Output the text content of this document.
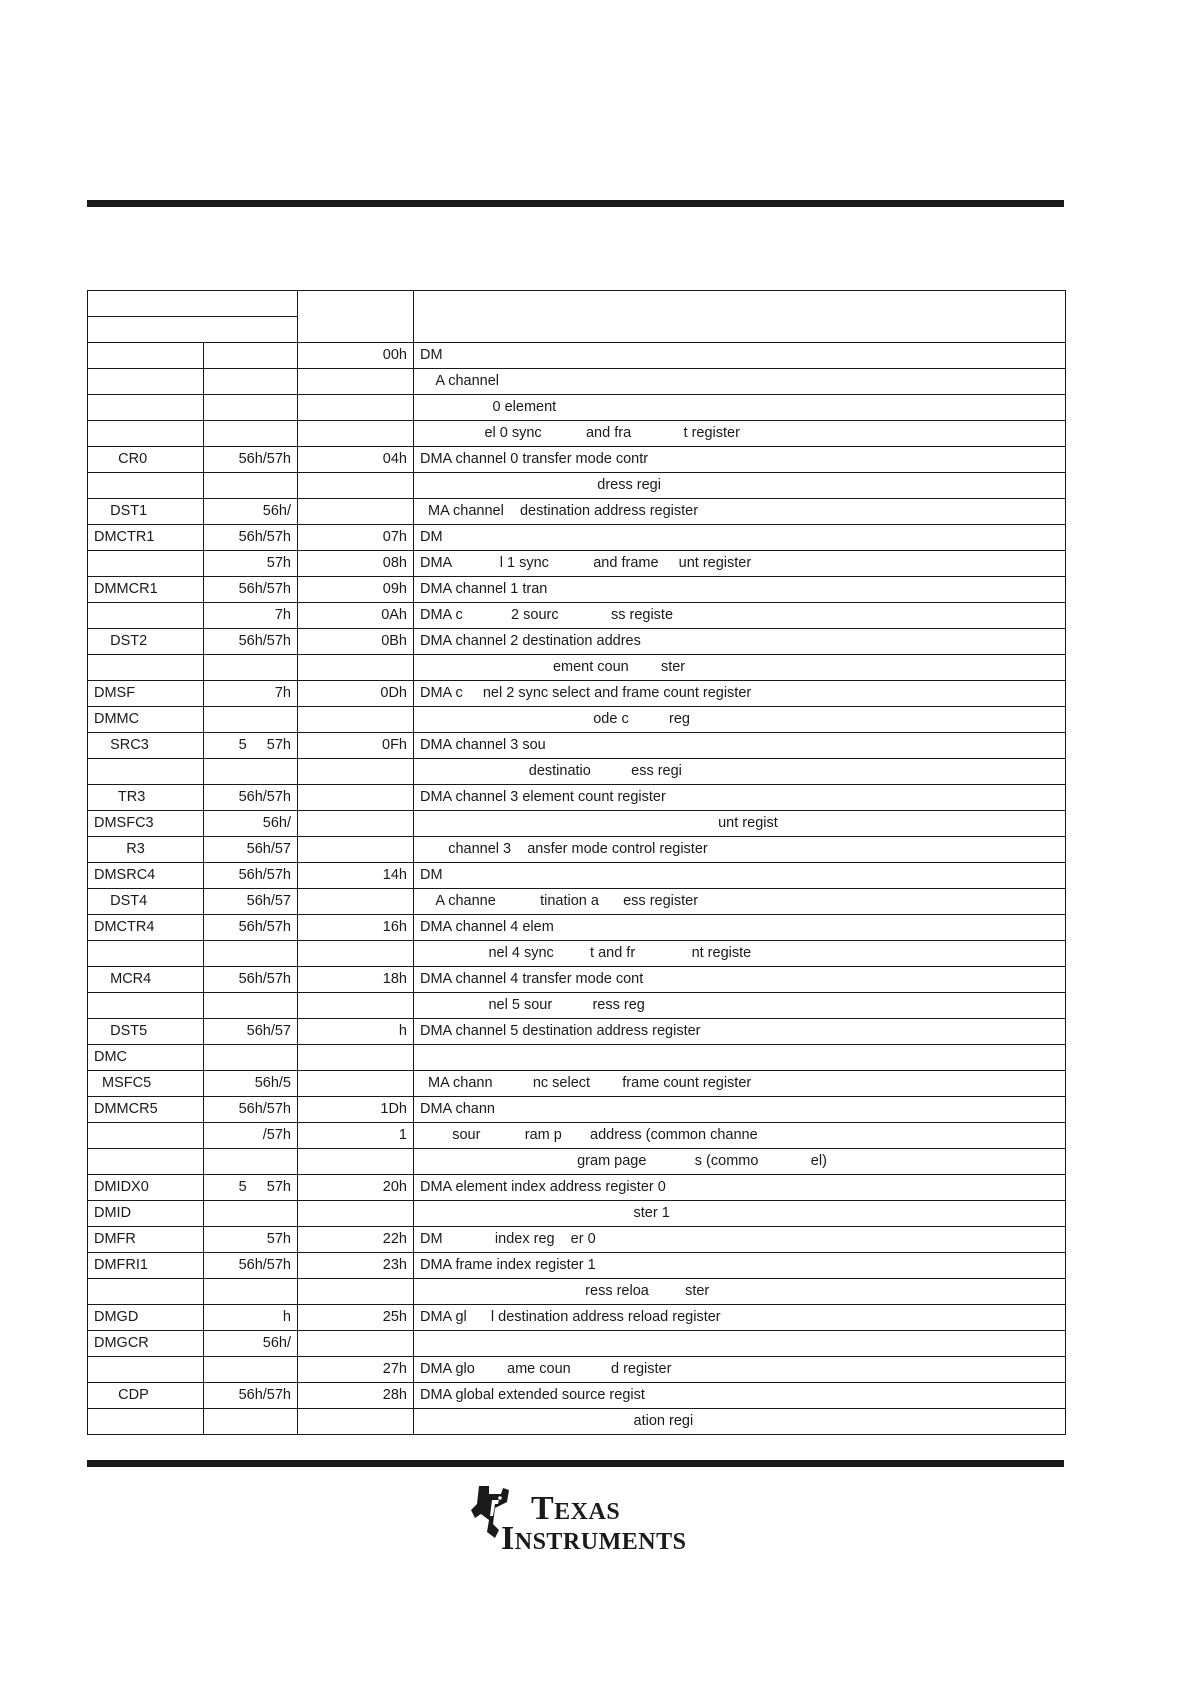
		00h	DM
			A channel
			0 element
			el 0 sync           and fra             t register
CR0	56h/57h	04h	DMA channel 0 transfer mode contr
			dress regi
DST1	56h/		MA channel    destination address register
DMCTR1	56h/57h	07h	DM
	57h	08h	DMA            l 1 sync           and frame     unt register
DMMCR1	56h/57h	09h	DMA channel 1 tran
	7h	0Ah	DMA c            2 sourc             ss registe
DST2	56h/57h	0Bh	DMA channel 2 destination addres
			ement coun        ster
DMSF	7h	0Dh	DMA c     nel 2 sync select and frame count register
DMMC			ode c          reg
SRC3	5     57h	0Fh	DMA channel 3 sou
			destinatio          ess regi
TR3	56h/57h		DMA channel 3 element count register
DMSFC3	56h/		unt regist
R3	56h/57		channel 3    ansfer mode control register
DMSRC4	56h/57h	14h	DM
DST4	56h/57		A channe           tination a      ess register
DMCTR4	56h/57h	16h	DMA channel 4 elem
			nel 4 sync         t and fr              nt registe
MCR4	56h/57h	18h	DMA channel 4 transfer mode cont
			nel 5 sour          ress reg
DST5	56h/57	h	DMA channel 5 destination address register
DMC			
MSFC5	56h/5		MA chann          nc select        frame count register
DMMCR5	56h/57h	1Dh	DMA chann
	/57h	1	sour           ram p       address (common channe
			gram page            s (commo             el)
DMIDX0	5     57h	20h	DMA element index address register 0
DMID			ster 1
DMFR	57h	22h	DM             index reg    er 0
DMFRI1	56h/57h	23h	DMA frame index register 1
			ress reloa         ster
DMGD	h	25h	DMA gl      l destination address reload register
DMGCR	56h/		
		27h	DMA glo        ame coun          d register
CDP	56h/57h	28h	DMA global extended source regist
			ation regi
Texas
Instruments
